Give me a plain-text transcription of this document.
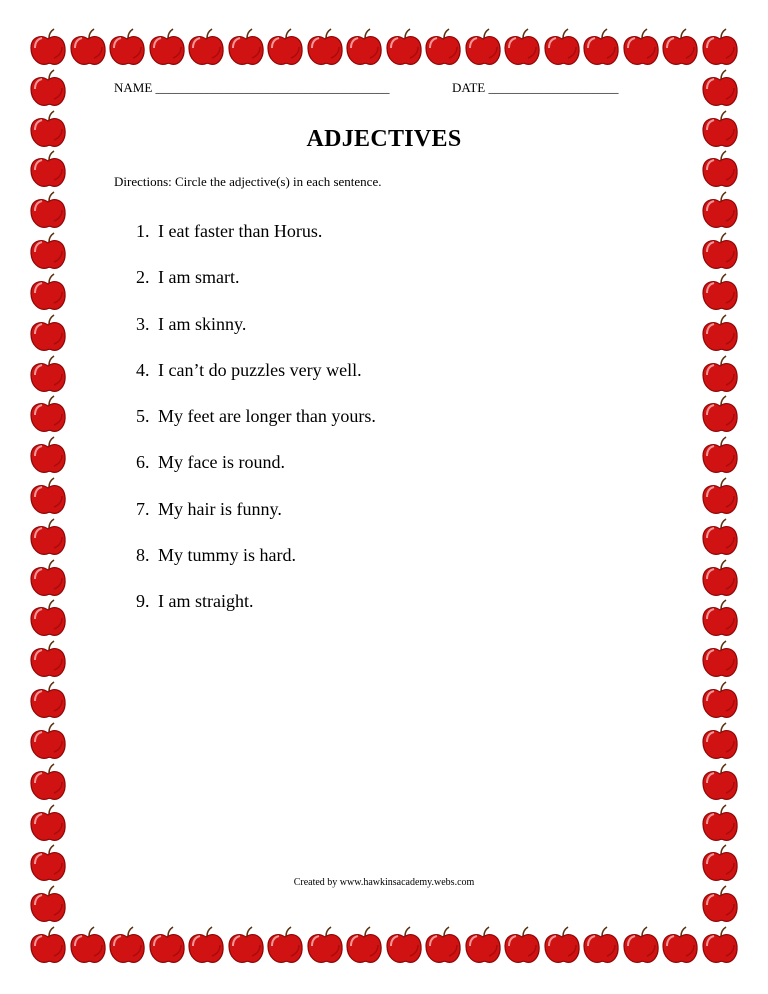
NAME ____________________________________	DATE ____________________
ADJECTIVES
Directions: Circle the adjective(s) in each sentence.
1. I eat faster than Horus.
2. I am smart.
3. I am skinny.
4. I can’t do puzzles very well.
5. My feet are longer than yours.
6. My face is round.
7. My hair is funny.
8. My tummy is hard.
9. I am straight.
Created by www.hawkinsacademy.webs.com
